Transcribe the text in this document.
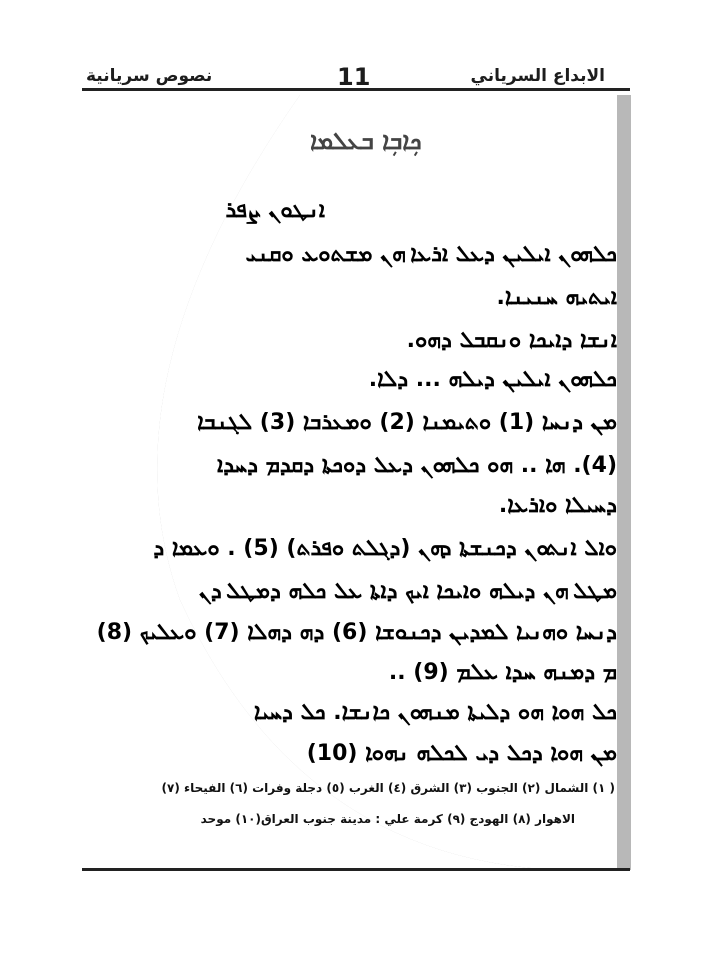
الابداع السرياني
11
نصوص سريانية
ܟܼܐܒܼܐ ܒܥܠܡܐ
ܐܢܛܘܢ ܨܦܪ
ܟܠܗܘܢ ܐܝܠܝܢ ܕܥܠ ܐܪܥܐ ܗܢ ܡܫܬܘܥ ܘܩܢܝ
ܐܝܬܝܗ ܚܢܝܢܐ.
ܐܢܫܐ ܕܐܝܟܐ ܘܢܩܒܠ ܕܗܘ.
ܟܠܗܘܢ ܐܝܠܝܢ ܕܝܠܗ ... ܕܠܐ.
ܡܢ ܕܢܚܐ (1) ܘܬܝܡܢܐ (2) ܘܡܥܪܒܐ (3) ܠܓܢܒܐ
(4). ܗܐ .. ܗܘ ܟܠܗܘܢ ܕܥܠ ܕܘܟܬܐ ܕܩܕܡ ܕܚܕܐ
ܕܚܝܠܐ ܘܐܪܥܐ.
ܘܐܠ ܐܢܬܘܢ ܕܟܢܫܬܐ ܕܗܢ (ܕܓܠܬ ܘܦܪܬ) (5) . ܘܥܡܐ ܕ
ܡܛܠ ܗܢ ܕܝܠܗ ܘܐܝܟܐ ܐܝܟ ܕܐܬܐ ܥܠ ܟܠܗ ܕܡܛܠ ܕܢ
ܕܢܚܐ ܘܗܢܝܐ ܠܡܕܝܢ ܕܟܢܘܫܐ (6) ܕܗ ܕܗܠܐ (7) ܘܥܠܝܟ (8)
ܡ ܕܡܢܗ ܚܕܐ ܥܠܡ (9) ..
ܟܠ ܗܘܐ ܗܘ ܕܠܝܬܐ ܡܢܗܘܢ ܟܐܢܫܐ. ܟܠ ܕܚܝܐ
ܡܢ ܗܘܐ ܕܟܠ ܕܝ ܠܟܠܗ ܢܗܘܐ (10)
( ١) الشمال (٢) الجنوب (٣) الشرق (٤) الغرب (٥) دجلة وفرات (٦) الفيحاء (٧)
الاهوار (٨) الهودج (٩) كرمة علي : مدينة جنوب العراق(١٠) موحد
